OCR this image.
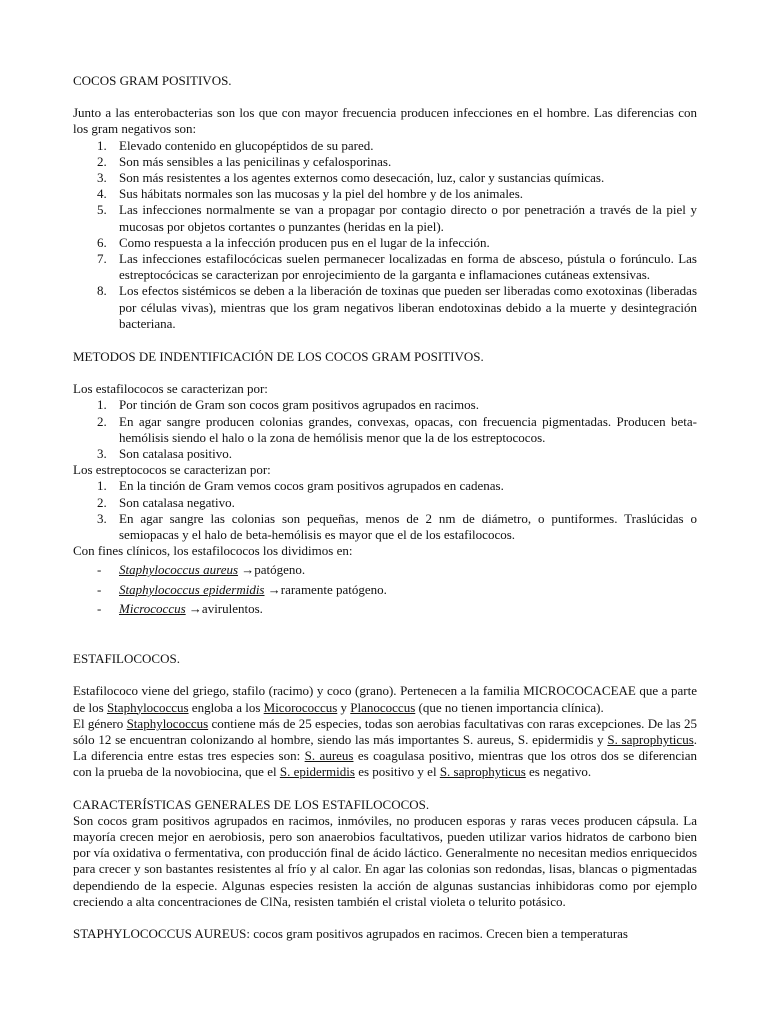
COCOS GRAM POSITIVOS.

Junto a las enterobacterias son los que con mayor frecuencia producen infecciones en el hombre. Las diferencias con los gram negativos son:

1. Elevado contenido en glucopéptidos de su pared.
2. Son más sensibles a las penicilinas y cefalosporinas.
3. Son más resistentes a los agentes externos como desecación, luz, calor y sustancias químicas.
4. Sus hábitats normales son las mucosas y la piel del hombre y de los animales.
5. Las infecciones normalmente se van a propagar por contagio directo o por penetración a través de la piel y mucosas por objetos cortantes o punzantes (heridas en la piel).
6. Como respuesta a la infección producen pus en el lugar de la infección.
7. Las infecciones estafilocócicas suelen permanecer localizadas en forma de absceso, pústula o forúnculo. Las estreptocócicas se caracterizan por enrojecimiento de la garganta e inflamaciones cutáneas extensivas.
8. Los efectos sistémicos se deben a la liberación de toxinas que pueden ser liberadas como exotoxinas (liberadas por células vivas), mientras que los gram negativos liberan endotoxinas debido a la muerte y desintegración bacteriana.
METODOS DE INDENTIFICACIÓN DE LOS COCOS GRAM POSITIVOS.

Los estafilococos se caracterizan por:

1. Por tinción de Gram son cocos gram positivos agrupados en racimos.
2. En agar sangre producen colonias grandes, convexas, opacas, con frecuencia pigmentadas. Producen beta-hemólisis siendo el halo o la zona de hemólisis menor que la de los estreptococos.
3. Son catalasa positivo.

Los estreptococos se caracterizan por:

1. En la tinción de Gram vemos cocos gram positivos agrupados en cadenas.
2. Son catalasa negativo.
3. En agar sangre las colonias son pequeñas, menos de 2 nm de diámetro, o puntiformes. Traslúcidas o semiopacas y el halo de beta-hemólisis es mayor que el de los estafilococos.

Con fines clínicos, los estafilococos los dividimos en:

- Staphylococcus aureus →patógeno.
- Staphylococcus epidermidis →raramente patógeno.
- Micrococcus →avirulentos.
ESTAFILOCOCOS.

Estafilococo viene del griego, stafilo (racimo) y coco (grano). Pertenecen a la familia MICROCOCACEAE que a parte de los Staphylococcus engloba a los Micorococcus y Planococcus (que no tienen importancia clínica).

El género Staphylococcus contiene más de 25 especies, todas son aerobias facultativas con raras excepciones. De las 25 sólo 12 se encuentran colonizando al hombre, siendo las más importantes S. aureus, S. epidermidis y S. saprophyticus. La diferencia entre estas tres especies son: S. aureus es coagulasa positivo, mientras que los otros dos se diferencian con la prueba de la novobiocina, que el S. epidermidis es positivo y el S. saprophyticus es negativo.

CARACTERÍSTICAS GENERALES DE LOS ESTAFILOCOCOS.

Son cocos gram positivos agrupados en racimos, inmóviles, no producen esporas y raras veces producen cápsula. La mayoría crecen mejor en aerobiosis, pero son anaerobios facultativos, pueden utilizar varios hidratos de carbono bien por vía oxidativa o fermentativa, con producción final de ácido láctico. Generalmente no necesitan medios enriquecidos para crecer y son bastantes resistentes al frío y al calor. En agar las colonias son redondas, lisas, blancas o pigmentadas dependiendo de la especie. Algunas especies resisten la acción de algunas sustancias inhibidoras como por ejemplo creciendo a alta concentraciones de ClNa, resisten también el cristal violeta o telurito potásico.

STAPHYLOCOCCUS AUREUS: cocos gram positivos agrupados en racimos. Crecen bien a temperaturas
